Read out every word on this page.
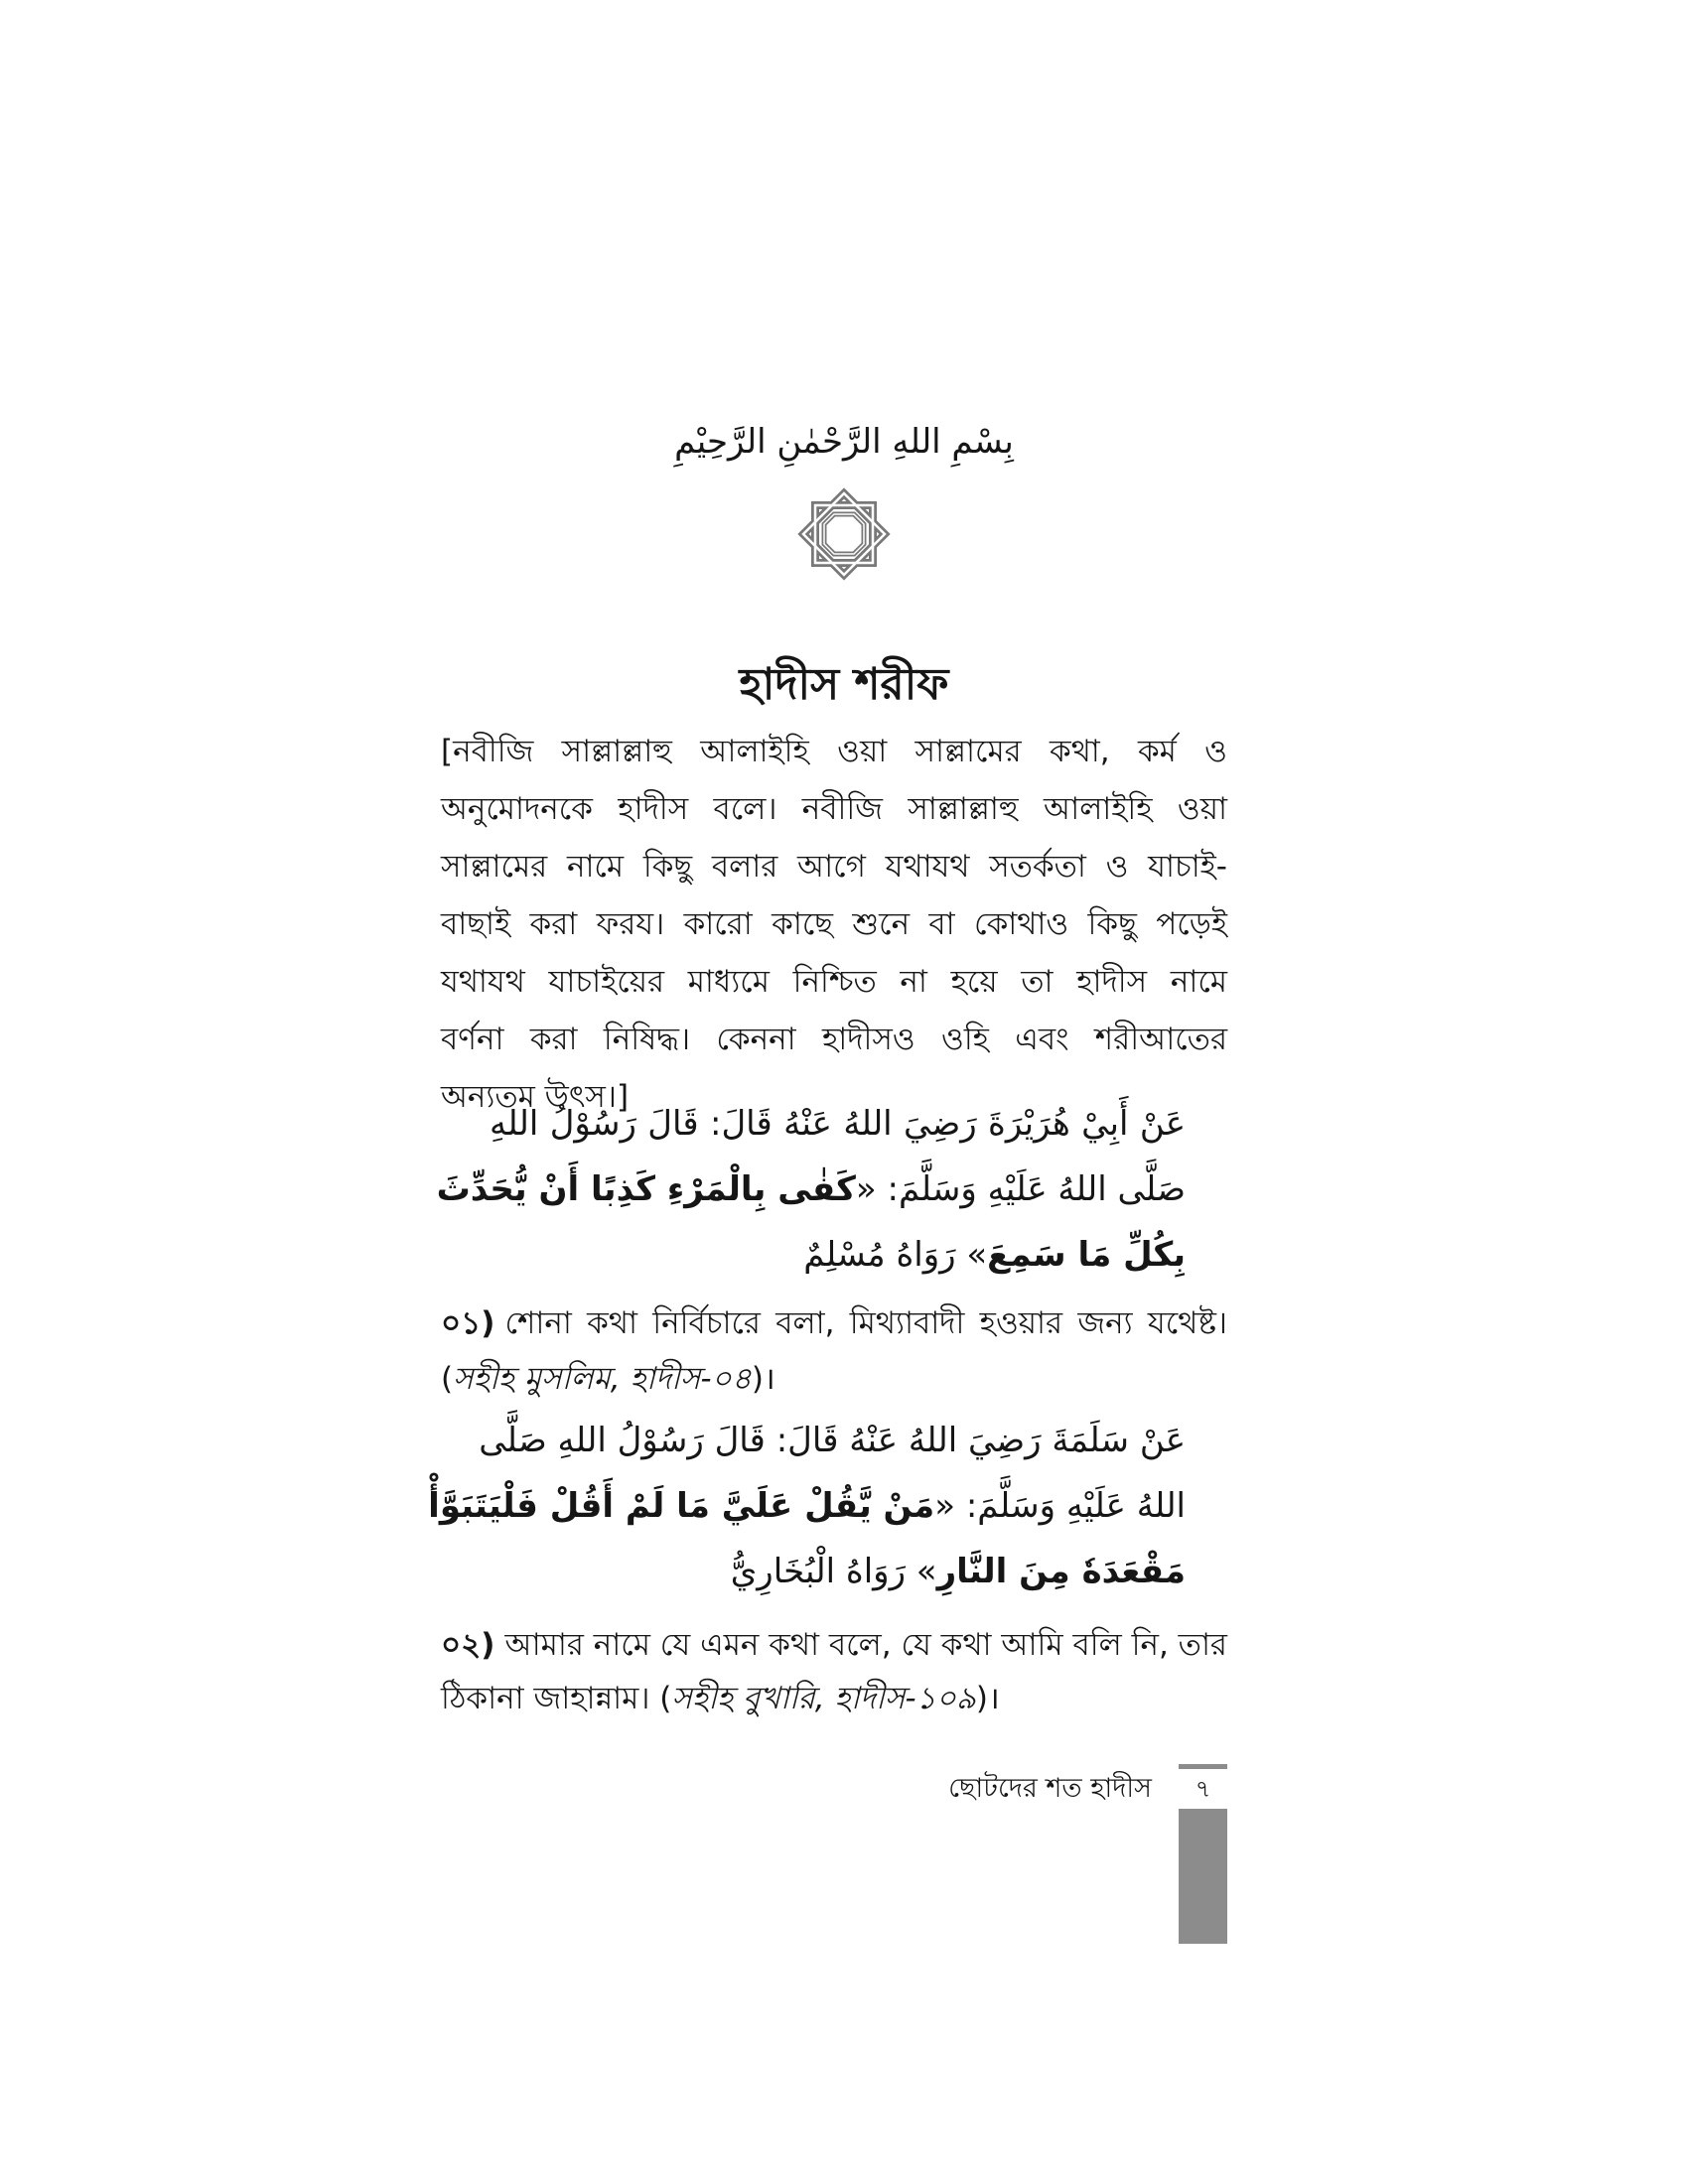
بِسْمِ اللهِ الرَّحْمٰنِ الرَّحِيْمِ
হাদীস শরীফ
[নবীজি সাল্লাল্লাহু আলাইহি ওয়া সাল্লামের কথা, কর্ম ও
অনুমোদনকে হাদীস বলে। নবীজি সাল্লাল্লাহু আলাইহি ওয়া
সাল্লামের নামে কিছু বলার আগে যথাযথ সতর্কতা ও যাচাই-
বাছাই করা ফরয। কারো কাছে শুনে বা কোথাও কিছু পড়েই
যথাযথ যাচাইয়ের মাধ্যমে নিশ্চিত না হয়ে তা হাদীস নামে
বর্ণনা করা নিষিদ্ধ। কেননা হাদীসও ওহি এবং শরীআতের
অন্যতম উৎস।]
عَنْ أَبِيْ هُرَيْرَةَ رَضِيَ اللهُ عَنْهُ قَالَ: قَالَ رَسُوْلُ اللهِ
صَلَّى اللهُ عَلَيْهِ وَسَلَّمَ: «كَفٰى بِالْمَرْءِ كَذِبًا أَنْ يُّحَدِّثَ
بِكُلِّ مَا سَمِعَ» رَوَاهُ مُسْلِمٌ
০১) শোনা কথা নির্বিচারে বলা, মিথ্যাবাদী হওয়ার জন্য যথেষ্ট।
(সহীহ মুসলিম, হাদীস-০৪)।
عَنْ سَلَمَةَ رَضِيَ اللهُ عَنْهُ قَالَ: قَالَ رَسُوْلُ اللهِ صَلَّى
اللهُ عَلَيْهِ وَسَلَّمَ: «مَنْ يَّقُلْ عَلَيَّ مَا لَمْ أَقُلْ فَلْيَتَبَوَّأْ
مَقْعَدَهٗ مِنَ النَّارِ» رَوَاهُ الْبُخَارِيُّ
০২) আমার নামে যে এমন কথা বলে, যে কথা আমি বলি নি, তার
ঠিকানা জাহান্নাম। (সহীহ বুখারি, হাদীস-১০৯)।
ছোটদের শত হাদীস	৭
